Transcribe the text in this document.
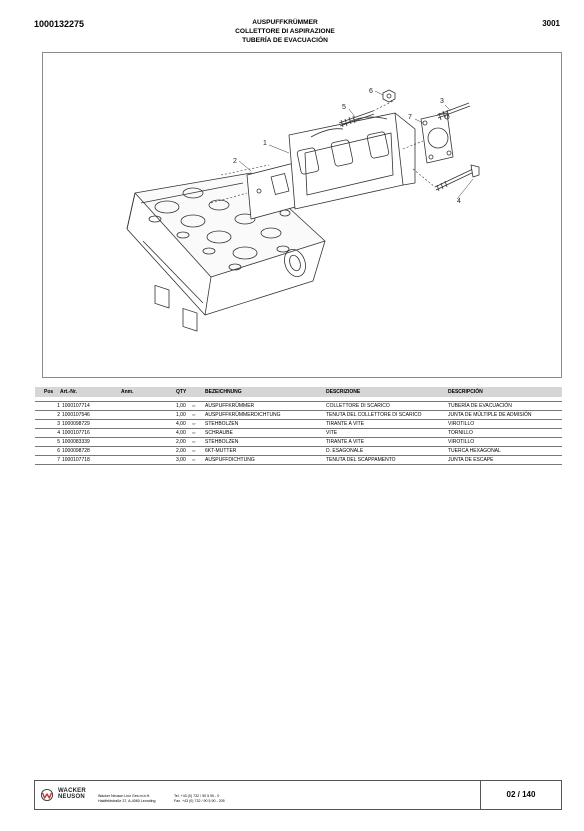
1000132275	AUSPUFFKRÜMMER
COLLETTORE DI ASPIRAZIONE
TUBERÍA DE EVACUACIÓN
3001
1
2
3
4
5
6
7
Pos Art.-Nr.	Anm.	QTY	BEZEICHNUNG	DESCRIZIONE	DESCRIPCIÓN
1 1000107714	1,00 ST AUSPUFFKRÜMMER	COLLETTORE DI SCARICO	TUBERÍA DE EVACUACIÓN
2 1000107546	1,00 ST AUSPUFFKRÜMMERDICHTUNG	TENUTA DEL COLLETTORE DI SCARICO	JUNTA DE MÚLTIPLE DE ADMISIÓN
3 1000098729	4,00 ST STEHBOLZEN	TIRANTE A VITE	VIROTILLO
4 1000107716	4,00 ST SCHRAUBE	VITE	TORNILLO
5 1000083339	2,00 ST STEHBOLZEN	TIRANTE A VITE	VIROTILLO
6 1000098728	2,00 ST 6KT-MUTTER	D. ESAGONALE	TUERCA HEXAGONAL
7 1000107718	3,00 ST AUSPUFFDICHTUNG	TENUTA DEL SCAPPAMENTO	JUNTA DE ESCAPE
WACKER
NEUSON	Wacker Neuson Linz Ges.m.b.H.
Haidfeldstraße 37, A-4060 Leonding
Tel. +43 (0) 732 / 90 5 90 - 0
Fax. +43 (0) 732 / 90 5 90 - 205
02 / 140
